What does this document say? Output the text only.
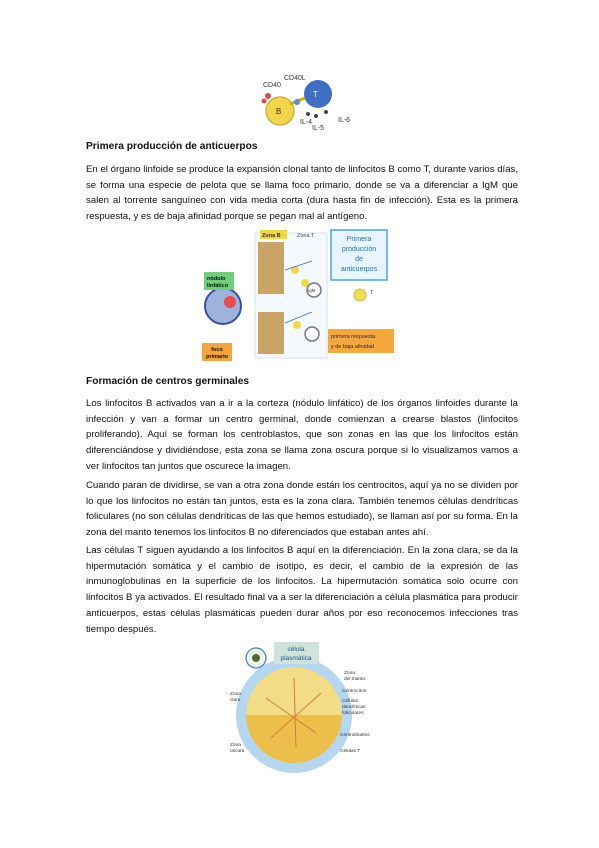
CD40L
CD40
T
B
IL-4
IL-5
IL-6
Primera producción de anticuerpos

En el órgano linfoide se produce la expansión clonal tanto de linfocitos B como T, durante varios días, se forma una especie de pelota que se llama foco primario, donde se va a diferenciar a IgM que salen al torrente sanguíneo con vida media corta (dura hasta fin de infección). Esta es la primera respuesta, y es de baja afinidad porque se pegan mal al antígeno.

Zona B	Zona T
nódulo
linfático
Primera
producción
de
anticuerpos
T
foco
primario
primera respuesta
y de baja afinidad
IgM
Formación de centros germinales

Los linfocitos B activados van a ir a la corteza (nódulo linfático) de los órganos linfoides durante la infección y van a formar un centro germinal, donde comienzan a crearse blastos (linfocitos proliferando). Aquí se forman los centroblastos, que son zonas en las que los linfocitos están diferenciándose y dividiéndose, esta zona se llama zona oscura porque si lo visualizamos vamos a ver linfocitos tan juntos que oscurece la imagen.

Cuando paran de dividirse, se van a otra zona donde están los centrocitos, aquí ya no se dividen por lo que los linfocitos no están tan juntos, esta es la zona clara. También tenemos células dendríticas foliculares (no son células dendríticas de las que hemos estudiado), se llaman así por su forma. En la zona del manto tenemos los linfocitos B no diferenciados que estaban antes ahí.

Las células T siguen ayudando a los linfocitos B aquí en la diferenciación. En la zona clara, se da la hipermutación somática y el cambio de isotipo, es decir, el cambio de la expresión de las inmunoglobulinas en la superficie de los linfocitos. La hipermutación somática solo ocurre con linfocitos B ya activados. El resultado final va a ser la diferenciación a célula plasmática para producir anticuerpos, estas células plasmáticas pueden durar años por eso reconocemos infecciones tras tiempo después.

célula
plasmática
Zona
del manto
Centrocitos
Células
dendríticas
foliculares
Centroblastos
Células T
Zona
clara
Zona
oscura
